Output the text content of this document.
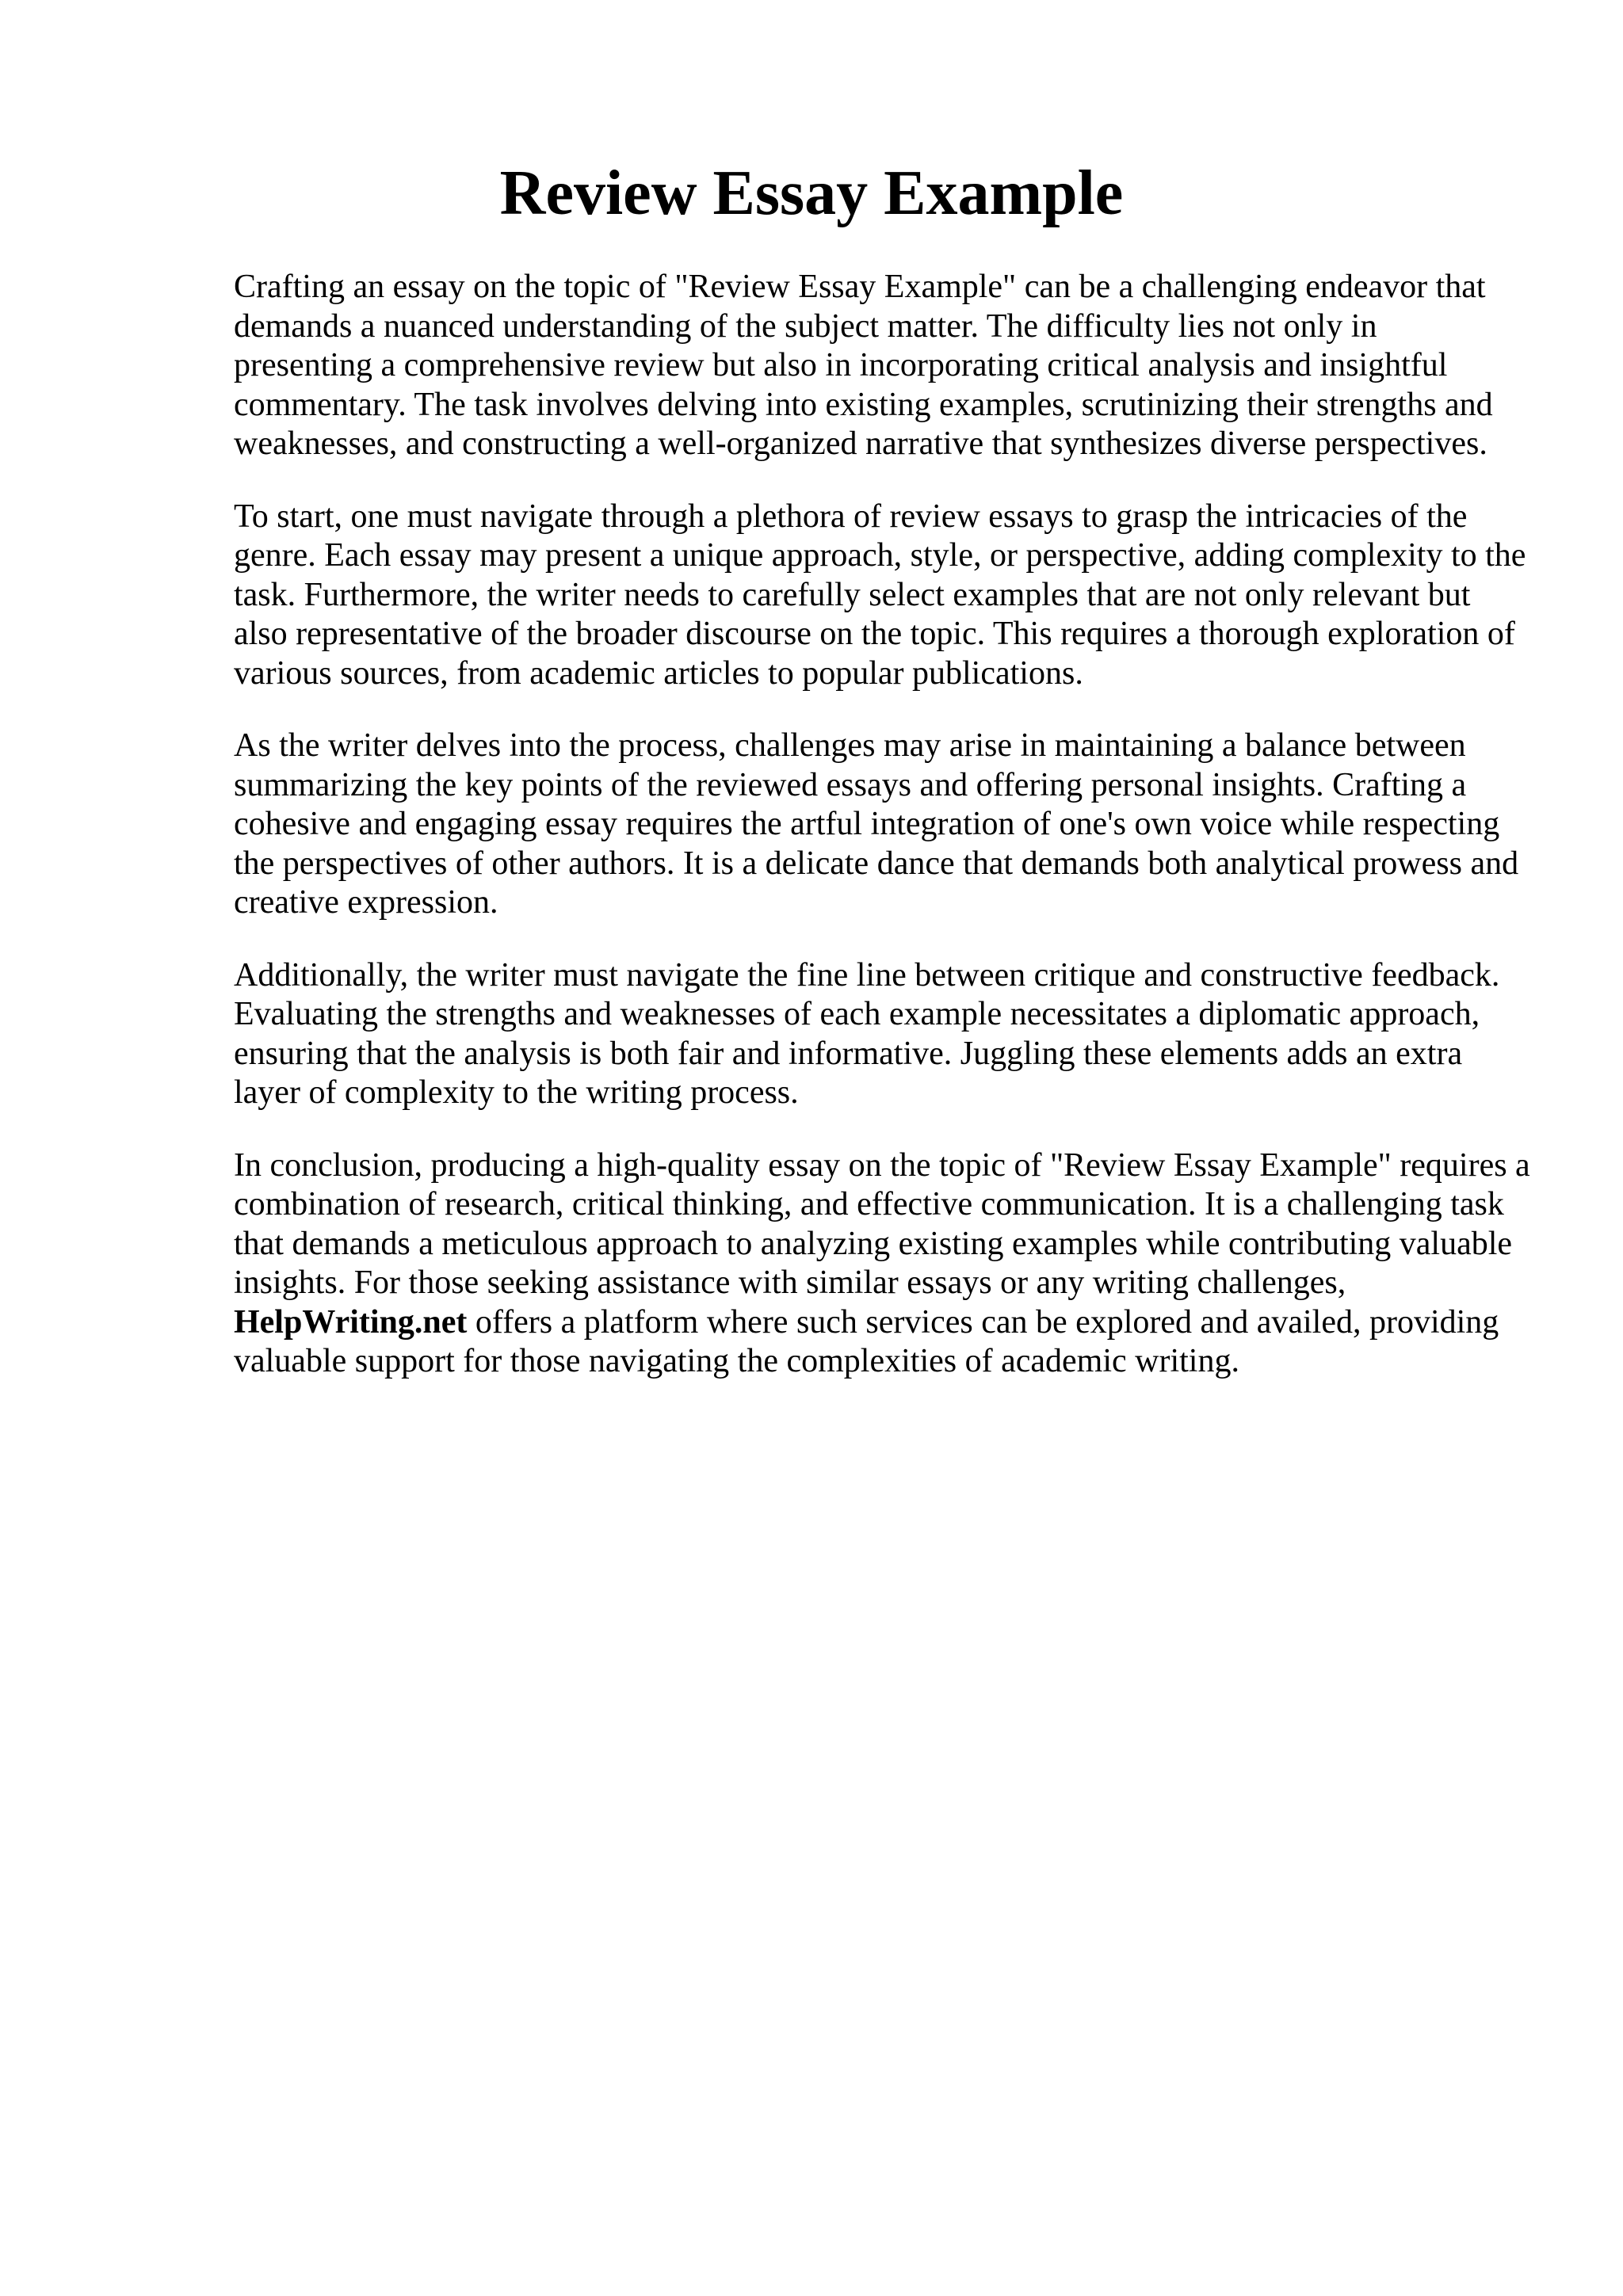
Review Essay Example

Crafting an essay on the topic of "Review Essay Example" can be a challenging endeavor that
demands a nuanced understanding of the subject matter. The difficulty lies not only in
presenting a comprehensive review but also in incorporating critical analysis and insightful
commentary. The task involves delving into existing examples, scrutinizing their strengths and
weaknesses, and constructing a well-organized narrative that synthesizes diverse perspectives.

To start, one must navigate through a plethora of review essays to grasp the intricacies of the
genre. Each essay may present a unique approach, style, or perspective, adding complexity to the
task. Furthermore, the writer needs to carefully select examples that are not only relevant but
also representative of the broader discourse on the topic. This requires a thorough exploration of
various sources, from academic articles to popular publications.

As the writer delves into the process, challenges may arise in maintaining a balance between
summarizing the key points of the reviewed essays and offering personal insights. Crafting a
cohesive and engaging essay requires the artful integration of one's own voice while respecting
the perspectives of other authors. It is a delicate dance that demands both analytical prowess and
creative expression.

Additionally, the writer must navigate the fine line between critique and constructive feedback.
Evaluating the strengths and weaknesses of each example necessitates a diplomatic approach,
ensuring that the analysis is both fair and informative. Juggling these elements adds an extra
layer of complexity to the writing process.

In conclusion, producing a high-quality essay on the topic of "Review Essay Example" requires a
combination of research, critical thinking, and effective communication. It is a challenging task
that demands a meticulous approach to analyzing existing examples while contributing valuable
insights. For those seeking assistance with similar essays or any writing challenges,
HelpWriting.net offers a platform where such services can be explored and availed, providing
valuable support for those navigating the complexities of academic writing.
